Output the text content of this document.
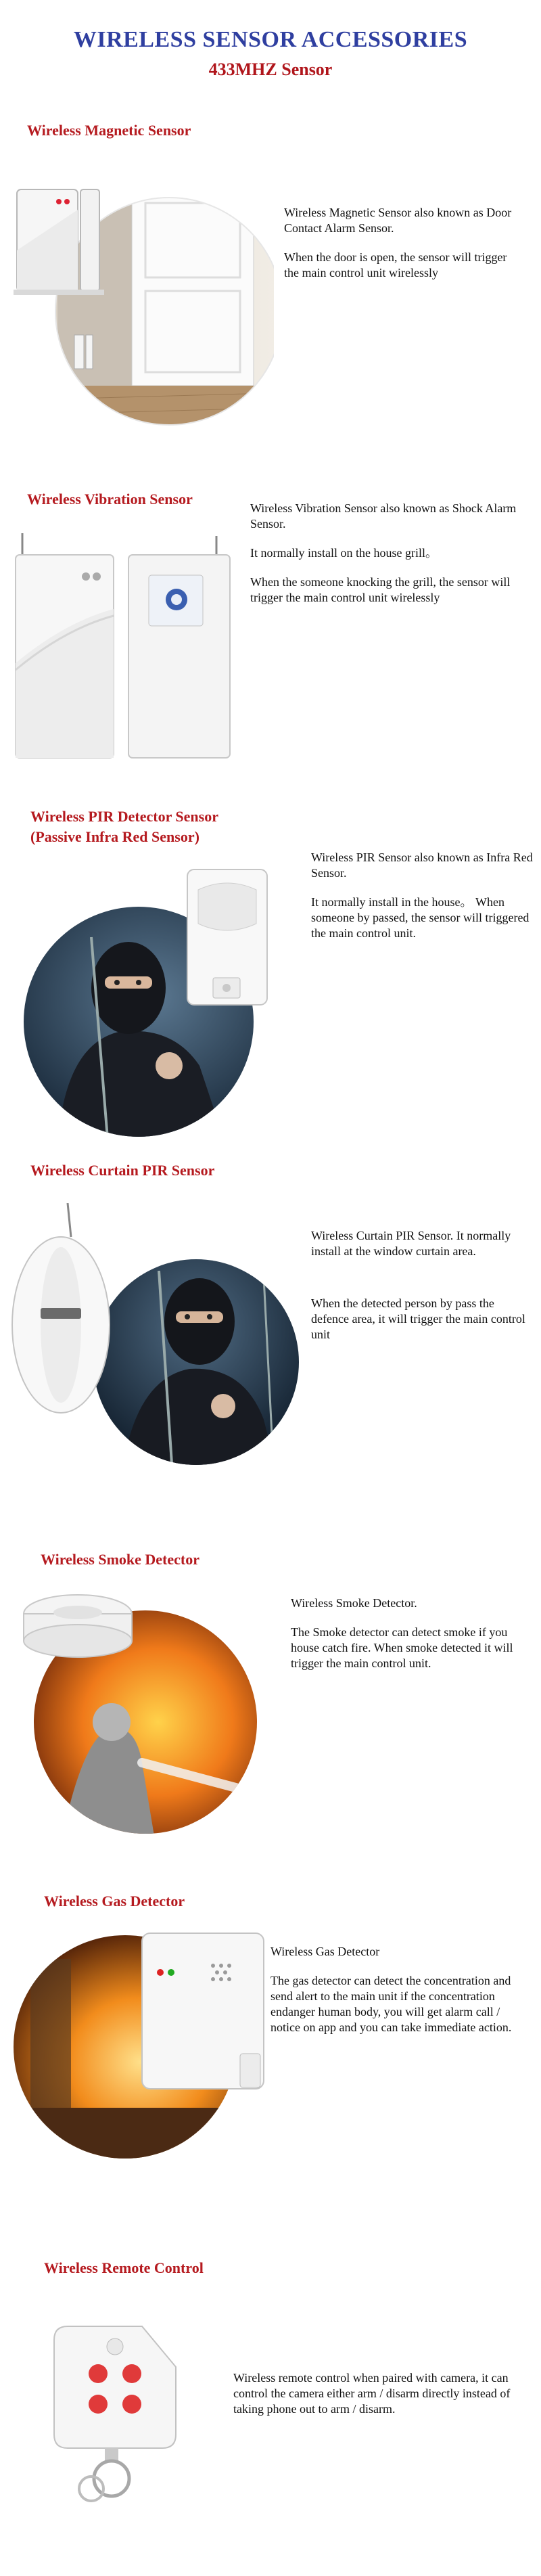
WIRELESS SENSOR ACCESSORIES
433MHZ Sensor
Wireless Magnetic Sensor

Wireless Magnetic Sensor also known as Door Contact Alarm Sensor.

When the door is open, the sensor will trigger the main control unit wirelessly

Wireless Vibration Sensor

Wireless Vibration Sensor also known as Shock Alarm Sensor.

It normally install on the house grill。

When the someone knocking the grill, the sensor will trigger the main control unit wirelessly

Wireless PIR Detector Sensor
(Passive Infra Red Sensor)

Wireless PIR Sensor also known as Infra Red Sensor.

It normally install in the house。 When someone by passed, the sensor will triggered the main control unit.

Wireless Curtain PIR Sensor

Wireless Curtain PIR Sensor. It normally install at the window curtain area.

When the detected person by pass the defence area, it will trigger the main control unit

Wireless Smoke Detector

Wireless Smoke Detector.

The Smoke detector can detect smoke if you house catch fire. When smoke detected it will trigger the main control unit.

Wireless Gas Detector

Wireless Gas Detector

The gas detector can detect the concentration and send alert to the main unit if the concentration endanger human body, you will get alarm call / notice on app and you can take immediate action.

Wireless Remote Control

Wireless remote control when paired with camera, it can control the camera either arm / disarm directly instead of taking phone out to arm / disarm.
